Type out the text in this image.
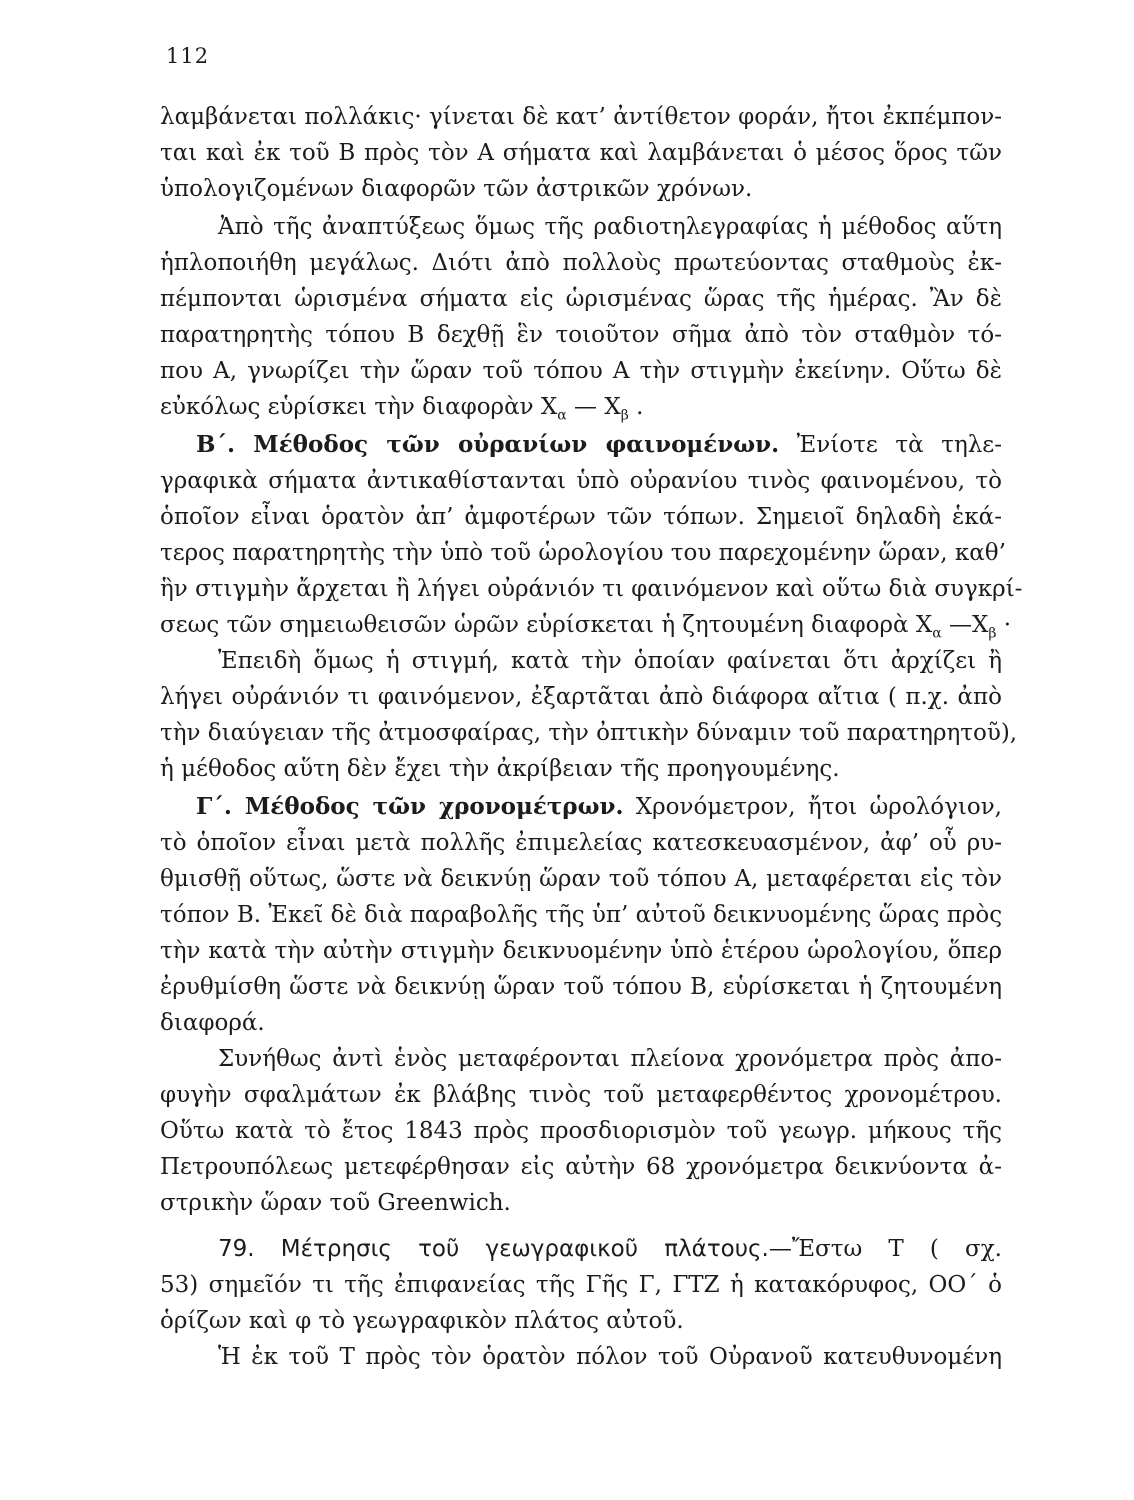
112
λαμβάνεται πολλάκις· γίνεται δὲ κατ’ ἀντίθετον φοράν, ἤτοι ἐκπέμπον-
ται καὶ ἐκ τοῦ Β πρὸς τὸν Α σήματα καὶ λαμβάνεται ὁ μέσος ὅρος τῶν
ὑπολογιζομένων διαφορῶν τῶν ἀστρικῶν χρόνων.
Ἀπὸ τῆς ἀναπτύξεως ὅμως τῆς ραδιοτηλεγραφίας ἡ μέθοδος αὕτη
ἡπλοποιήθη μεγάλως. Διότι ἀπὸ πολλοὺς πρωτεύοντας σταθμοὺς ἐκ-
πέμπονται ὡρισμένα σήματα εἰς ὡρισμένας ὥρας τῆς ἡμέρας. Ἂν δὲ
παρατηρητὴς τόπου Β δεχθῇ ἓν τοιοῦτον σῆμα ἀπὸ τὸν σταθμὸν τό-
που Α, γνωρίζει τὴν ὥραν τοῦ τόπου Α τὴν στιγμὴν ἐκείνην. Οὕτω δὲ
εὐκόλως εὑρίσκει τὴν διαφορὰν $X_\alpha$ — $X_\beta$ .
Β΄. Μέθοδος τῶν οὐρανίων φαινομένων. Ἐνίοτε τὰ τηλε-
γραφικὰ σήματα ἀντικαθίστανται ὑπὸ οὐρανίου τινὸς φαινομένου, τὸ
ὁποῖον εἶναι ὁρατὸν ἀπ’ ἀμφοτέρων τῶν τόπων. Σημειοῖ δηλαδὴ ἑκά-
τερος παρατηρητὴς τὴν ὑπὸ τοῦ ὡρολογίου του παρεχομένην ὥραν, καθ’
ἣν στιγμὴν ἄρχεται ἢ λήγει οὐράνιόν τι φαινόμενον καὶ οὕτω διὰ συγκρί-
σεως τῶν σημειωθεισῶν ὡρῶν εὑρίσκεται ἡ ζητουμένη διαφορὰ $X_\alpha$ $—X_\beta$ ·
Ἐπειδὴ ὅμως ἡ στιγμή, κατὰ τὴν ὁποίαν φαίνεται ὅτι ἀρχίζει ἢ
λήγει οὐράνιόν τι φαινόμενον, ἐξαρτᾶται ἀπὸ διάφορα αἴτια ( π.χ. ἀπὸ
τὴν διαύγειαν τῆς ἀτμοσφαίρας, τὴν ὀπτικὴν δύναμιν τοῦ παρατηρητοῦ),
ἡ μέθοδος αὕτη δὲν ἔχει τὴν ἀκρίβειαν τῆς προηγουμένης.
Γ΄. Μέθοδος τῶν χρονομέτρων. Χρονόμετρον, ἤτοι ὡρολόγιον,
τὸ ὁποῖον εἶναι μετὰ πολλῆς ἐπιμελείας κατεσκευασμένον, ἀφ’ οὗ ρυ-
θμισθῇ οὕτως, ὥστε νὰ δεικνύῃ ὥραν τοῦ τόπου Α, μεταφέρεται εἰς τὸν
τόπον Β. Ἐκεῖ δὲ διὰ παραβολῆς τῆς ὑπ’ αὐτοῦ δεικνυομένης ὥρας πρὸς
τὴν κατὰ τὴν αὐτὴν στιγμὴν δεικνυομένην ὑπὸ ἑτέρου ὡρολογίου, ὅπερ
ἐρυθμίσθη ὥστε νὰ δεικνύῃ ὥραν τοῦ τόπου Β, εὑρίσκεται ἡ ζητουμένη
διαφορά.
Συνήθως ἀντὶ ἑνὸς μεταφέρονται πλείονα χρονόμετρα πρὸς ἀπο-
φυγὴν σφαλμάτων ἐκ βλάβης τινὸς τοῦ μεταφερθέντος χρονομέτρου.
Οὕτω κατὰ τὸ ἔτος 1843 πρὸς προσδιορισμὸν τοῦ γεωγρ. μήκους τῆς
Πετρουπόλεως μετεφέρθησαν εἰς αὐτὴν 68 χρονόμετρα δεικνύοντα ἀ-
στρικὴν ὥραν τοῦ Greenwich.
79. Μέτρησις τοῦ γεωγραφικοῦ πλάτους.—Ἔστω Τ ( σχ.
53) σημεῖόν τι τῆς ἐπιφανείας τῆς Γῆς Γ, ΓΤΖ ἡ κατακόρυφος, ΟΟ΄ ὁ
ὁρίζων καὶ φ τὸ γεωγραφικὸν πλάτος αὐτοῦ.
Ἡ ἐκ τοῦ Τ πρὸς τὸν ὁρατὸν πόλον τοῦ Οὐρανοῦ κατευθυνομένη
